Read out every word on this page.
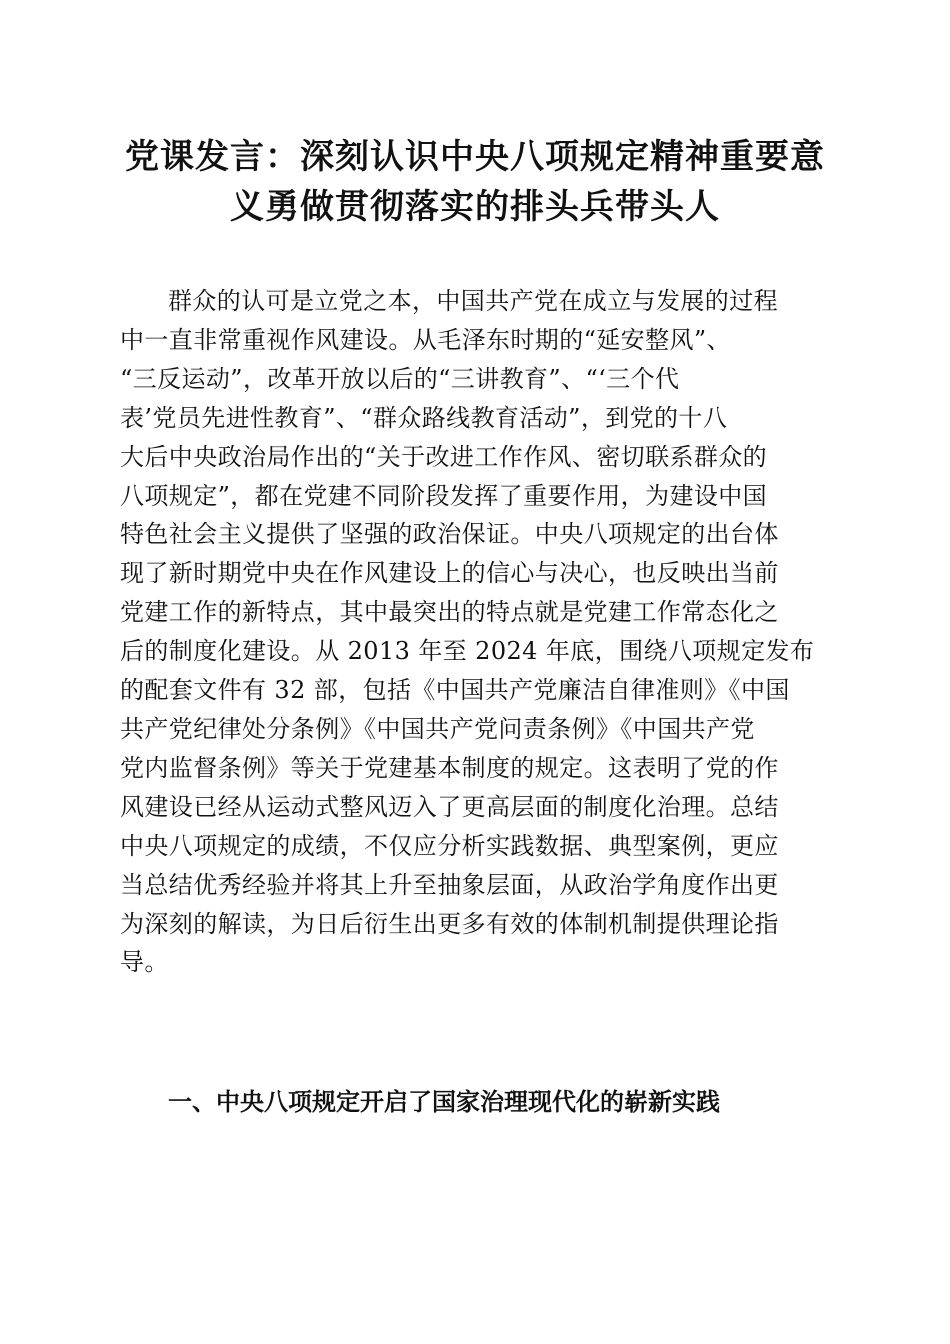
党课发言：深刻认识中央八项规定精神重要意
义勇做贯彻落实的排头兵带头人
群众的认可是立党之本，中国共产党在成立与发展的过程
中一直非常重视作风建设。从毛泽东时期的“延安整风”、
“三反运动”，改革开放以后的“三讲教育”、“‘三个代
表’党员先进性教育”、“群众路线教育活动”，到党的十八
大后中央政治局作出的“关于改进工作作风、密切联系群众的
八项规定”，都在党建不同阶段发挥了重要作用，为建设中国
特色社会主义提供了坚强的政治保证。中央八项规定的出台体
现了新时期党中央在作风建设上的信心与决心，也反映出当前
党建工作的新特点，其中最突出的特点就是党建工作常态化之
后的制度化建设。从 2013 年至 2024 年底，围绕八项规定发布
的配套文件有 32 部，包括《中国共产党廉洁自律准则》《中国
共产党纪律处分条例》《中国共产党问责条例》《中国共产党
党内监督条例》等关于党建基本制度的规定。这表明了党的作
风建设已经从运动式整风迈入了更高层面的制度化治理。总结
中央八项规定的成绩，不仅应分析实践数据、典型案例，更应
当总结优秀经验并将其上升至抽象层面，从政治学角度作出更
为深刻的解读，为日后衍生出更多有效的体制机制提供理论指
导。
一、中央八项规定开启了国家治理现代化的崭新实践
